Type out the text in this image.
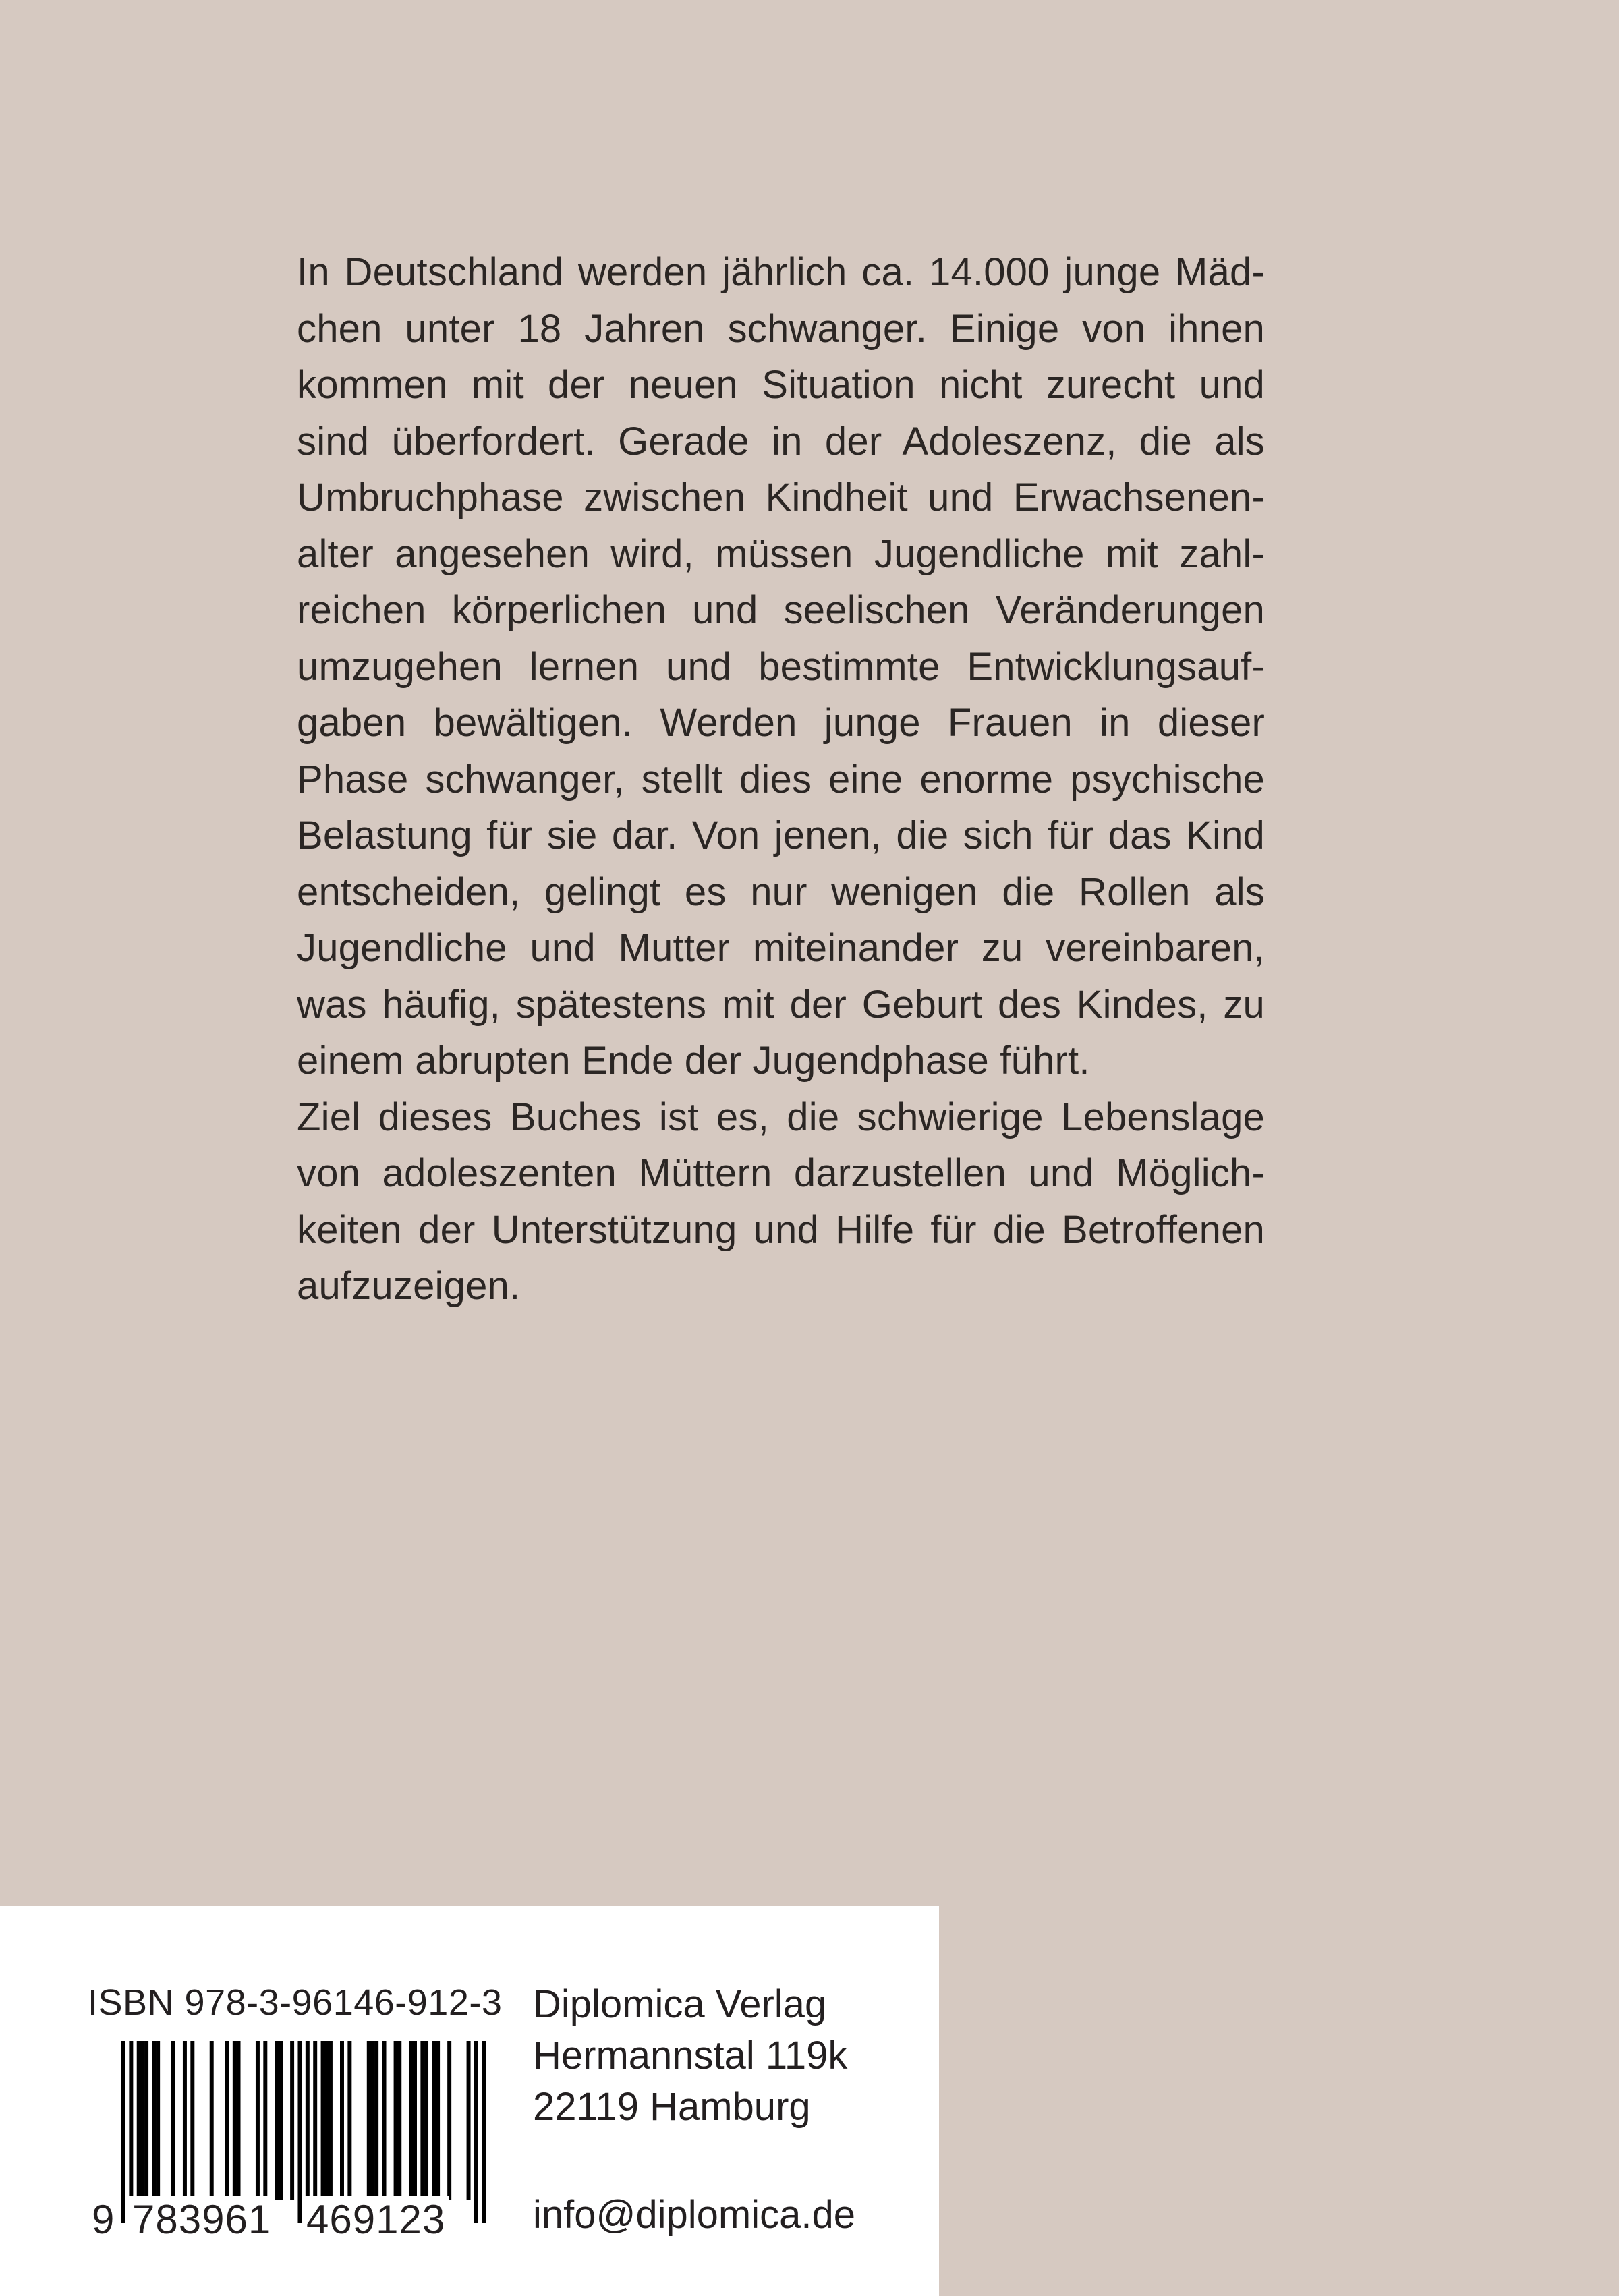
In Deutschland werden jährlich ca. 14.000 junge Mäd-
chen unter 18 Jahren schwanger. Einige von ihnen
kommen mit der neuen Situation nicht zurecht und
sind überfordert. Gerade in der Adoleszenz, die als
Umbruchphase zwischen Kindheit und Erwachsenen-
alter angesehen wird, müssen Jugendliche mit zahl-
reichen körperlichen und seelischen Veränderungen
umzugehen lernen und bestimmte Entwicklungsauf-
gaben bewältigen. Werden junge Frauen in dieser
Phase schwanger, stellt dies eine enorme psychische
Belastung für sie dar. Von jenen, die sich für das Kind
entscheiden, gelingt es nur wenigen die Rollen als
Jugendliche und Mutter miteinander zu vereinbaren,
was häufig, spätestens mit der Geburt des Kindes, zu
einem abrupten Ende der Jugendphase führt.
Ziel dieses Buches ist es, die schwierige Lebenslage
von adoleszenten Müttern darzustellen und Möglich-
keiten der Unterstützung und Hilfe für die Betroffenen
aufzuzeigen.
ISBN 978-3-96146-912-3
9 783961 469123
Diplomica Verlag
Hermannstal 119k
22119 Hamburg
info@diplomica.de
